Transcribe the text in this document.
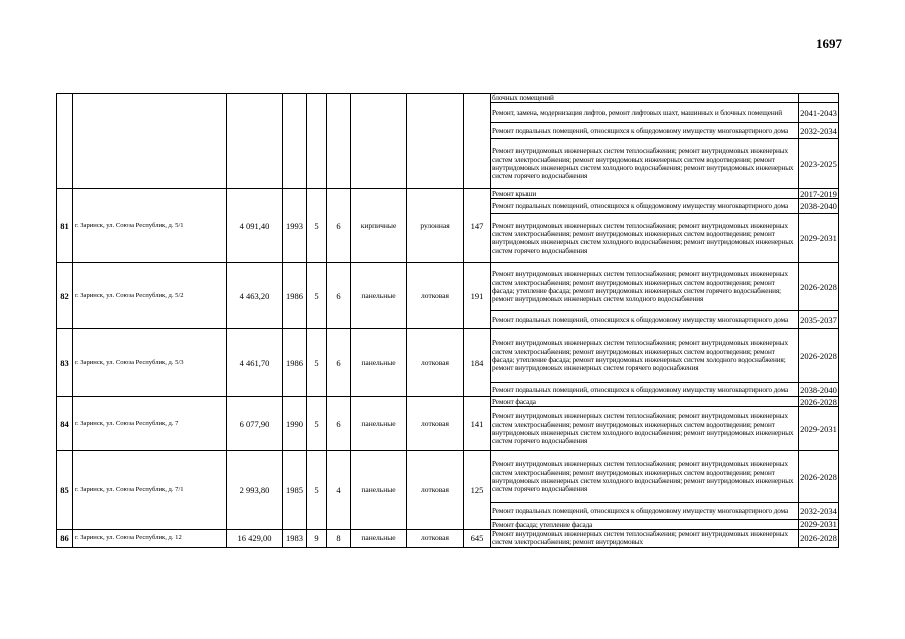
1697
									блочных помещений	
									Ремонт, замена, модернизация лифтов, ремонт лифтовых шахт, машинных и блочных помещений	2041-2043
									Ремонт подвальных помещений, относящихся к общедомовому имуществу многоквартирного дома	2032-2034
									Ремонт внутридомовых инженерных систем теплоснабжения; ремонт внутридомовых инженерных систем электроснабжения; ремонт внутридомовых инженерных систем водоотведения; ремонт внутридомовых инженерных систем холодного водоснабжения; ремонт внутридомовых инженерных систем горячего водоснабжения	2023-2025
81	г. Заринск, ул. Союза Республик, д. 5/1	4 091,40	1993	5	6	кирпичные	рулонная	147	Ремонт крыши	2017-2019
									Ремонт подвальных помещений, относящихся к общедомовому имуществу многоквартирного дома	2038-2040
									Ремонт внутридомовых инженерных систем теплоснабжения; ремонт внутридомовых инженерных систем электроснабжения; ремонт внутридомовых инженерных систем водоотведения; ремонт внутридомовых инженерных систем холодного водоснабжения; ремонт внутридомовых инженерных систем горячего водоснабжения	2029-2031
82	г. Заринск, ул. Союза Республик, д. 5/2	4 463,20	1986	5	6	панельные	лотковая	191	Ремонт внутридомовых инженерных систем теплоснабжения; ремонт внутридомовых инженерных систем электроснабжения; ремонт внутридомовых инженерных систем водоотведения; ремонт фасада; утепление фасада; ремонт внутридомовых инженерных систем горячего водоснабжения; ремонт внутридомовых инженерных систем холодного водоснабжения	2026-2028
									Ремонт подвальных помещений, относящихся к общедомовому имуществу многоквартирного дома	2035-2037
83	г. Заринск, ул. Союза Республик, д. 5/3	4 461,70	1986	5	6	панельные	лотковая	184	Ремонт внутридомовых инженерных систем теплоснабжения; ремонт внутридомовых инженерных систем электроснабжения; ремонт внутридомовых инженерных систем водоотведения; ремонт фасада; утепление фасада; ремонт внутридомовых инженерных систем холодного водоснабжения; ремонт внутридомовых инженерных систем горячего водоснабжения	2026-2028
									Ремонт подвальных помещений, относящихся к общедомовому имуществу многоквартирного дома	2038-2040
84	г. Заринск, ул. Союза Республик, д. 7	6 077,90	1990	5	6	панельные	лотковая	141	Ремонт фасада	2026-2028
									Ремонт внутридомовых инженерных систем теплоснабжения; ремонт внутридомовых инженерных систем электроснабжения; ремонт внутридомовых инженерных систем водоотведения; ремонт внутридомовых инженерных систем холодного водоснабжения; ремонт внутридомовых инженерных систем горячего водоснабжения	2029-2031
85	г. Заринск, ул. Союза Республик, д. 7/1	2 993,80	1985	5	4	панельные	лотковая	125	Ремонт внутридомовых инженерных систем теплоснабжения; ремонт внутридомовых инженерных систем электроснабжения; ремонт внутридомовых инженерных систем водоотведения; ремонт внутридомовых инженерных систем холодного водоснабжения; ремонт внутридомовых инженерных систем горячего водоснабжения	2026-2028
									Ремонт подвальных помещений, относящихся к общедомовому имуществу многоквартирного дома	2032-2034
									Ремонт фасада; утепление фасада	2029-2031
86	г. Заринск, ул. Союза Республик, д. 12	16 429,00	1983	9	8	панельные	лотковая	645	Ремонт внутридомовых инженерных систем теплоснабжения; ремонт внутридомовых инженерных систем электроснабжения; ремонт внутридомовых	2026-2028
